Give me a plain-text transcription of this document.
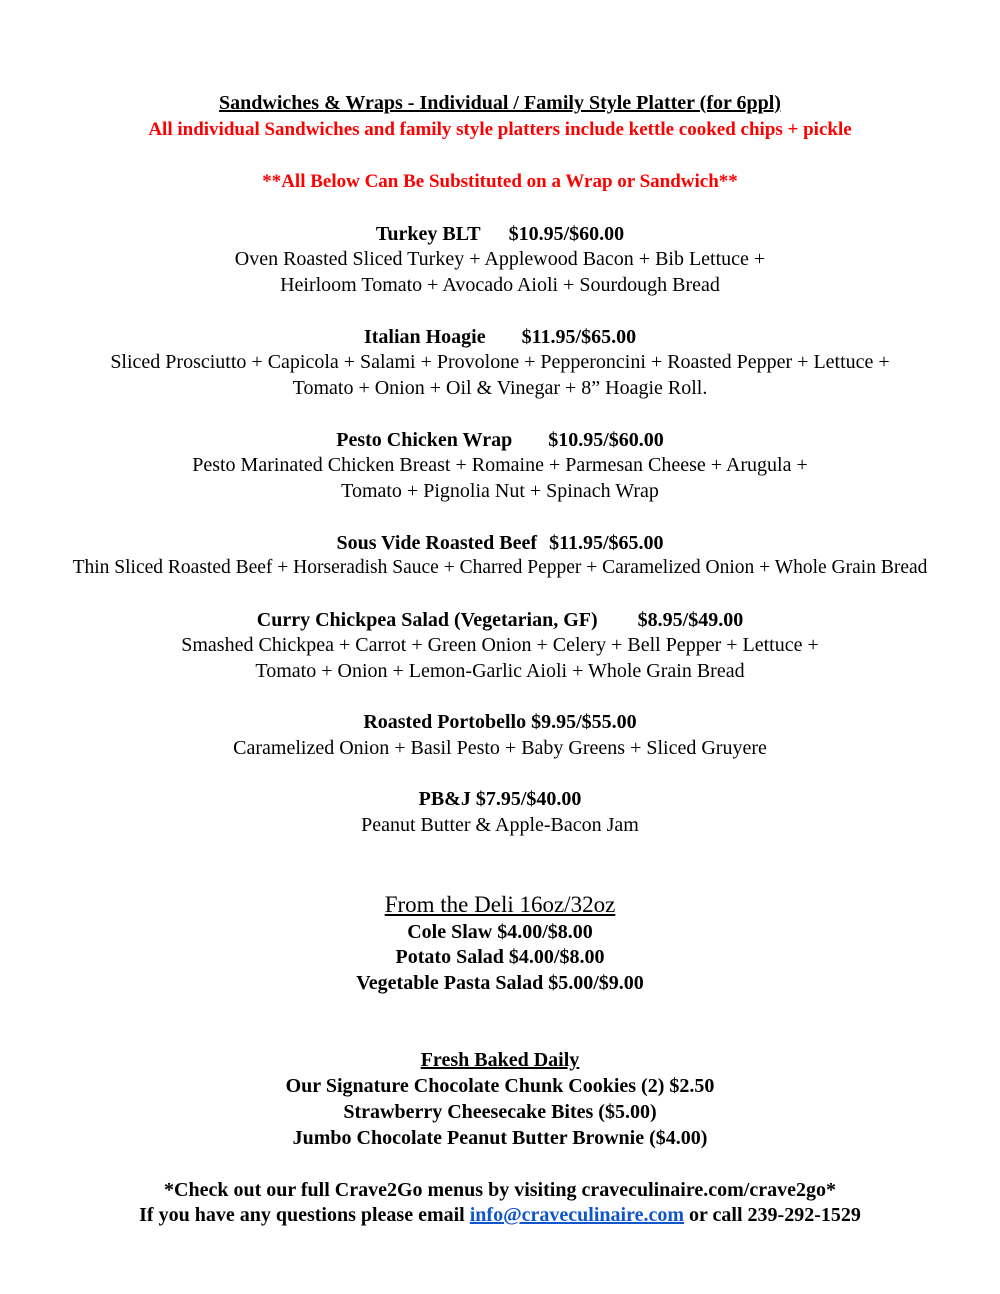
Sandwiches & Wraps - Individual / Family Style Platter (for 6ppl)
All individual Sandwiches and family style platters include kettle cooked chips + pickle
**All Below Can Be Substituted on a Wrap or Sandwich**
Turkey BLT $10.95/$60.00
Oven Roasted Sliced Turkey + Applewood Bacon + Bib Lettuce +
Heirloom Tomato + Avocado Aioli + Sourdough Bread
Italian Hoagie $11.95/$65.00
Sliced Prosciutto + Capicola + Salami + Provolone + Pepperoncini + Roasted Pepper + Lettuce +
Tomato + Onion + Oil & Vinegar + 8” Hoagie Roll.
Pesto Chicken Wrap $10.95/$60.00
Pesto Marinated Chicken Breast + Romaine + Parmesan Cheese + Arugula +
Tomato + Pignolia Nut + Spinach Wrap
Sous Vide Roasted Beef $11.95/$65.00
Thin Sliced Roasted Beef + Horseradish Sauce + Charred Pepper + Caramelized Onion + Whole Grain Bread
Curry Chickpea Salad (Vegetarian, GF) $8.95/$49.00
Smashed Chickpea + Carrot + Green Onion + Celery + Bell Pepper + Lettuce +
Tomato + Onion + Lemon-Garlic Aioli + Whole Grain Bread
Roasted Portobello $9.95/$55.00
Caramelized Onion + Basil Pesto + Baby Greens + Sliced Gruyere
PB&J $7.95/$40.00
Peanut Butter & Apple-Bacon Jam
From the Deli 16oz/32oz
Cole Slaw $4.00/$8.00
Potato Salad $4.00/$8.00
Vegetable Pasta Salad $5.00/$9.00
Fresh Baked Daily
Our Signature Chocolate Chunk Cookies (2) $2.50
Strawberry Cheesecake Bites ($5.00)
Jumbo Chocolate Peanut Butter Brownie ($4.00)
*Check out our full Crave2Go menus by visiting craveculinaire.com/crave2go*
If you have any questions please email info@craveculinaire.com or call 239-292-1529
